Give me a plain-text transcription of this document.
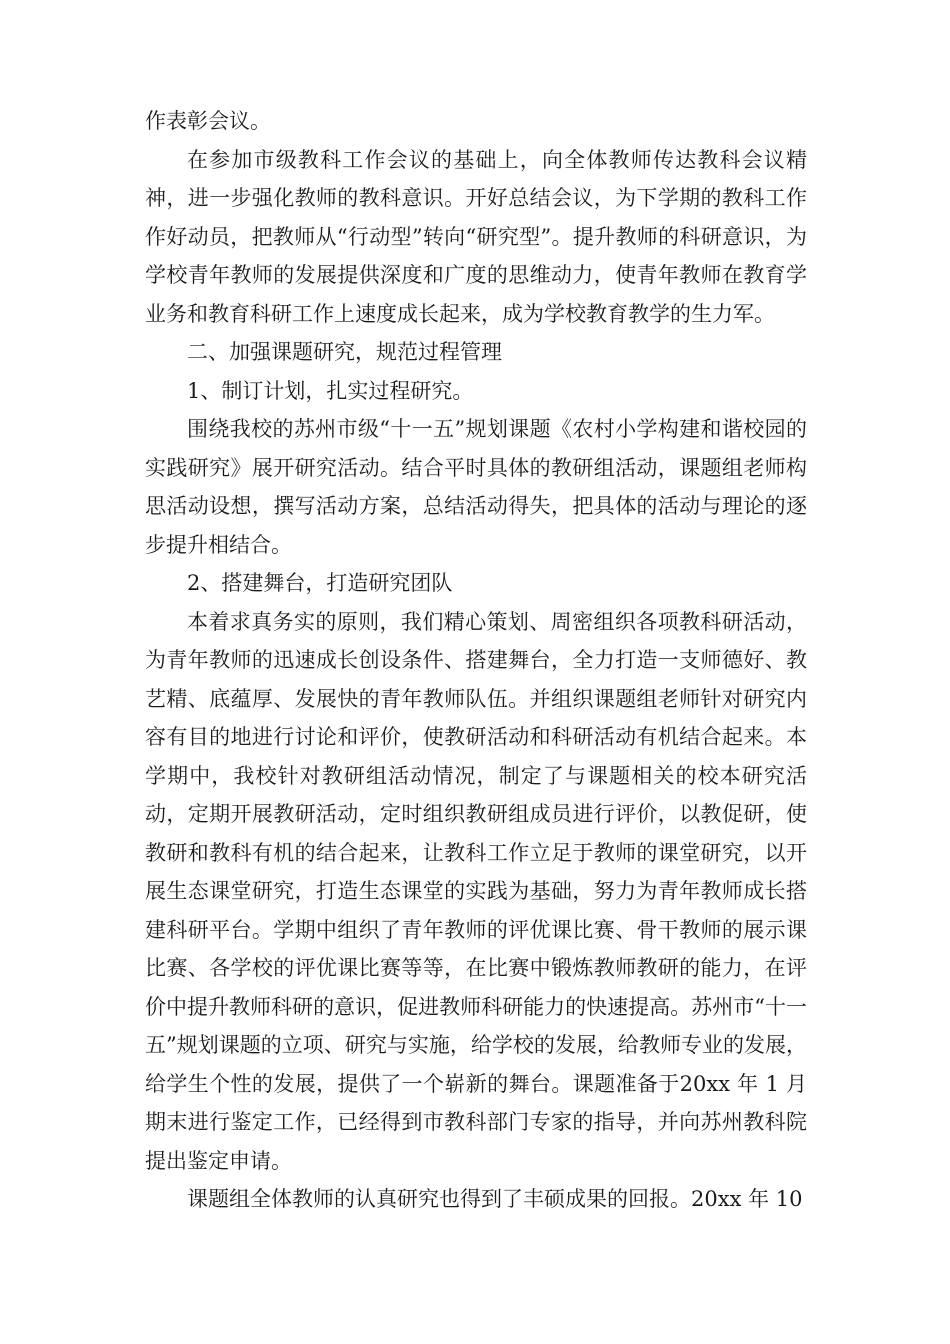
作表彰会议。

在参加市级教科工作会议的基础上，向全体教师传达教科会议精神，进一步强化教师的教科意识。开好总结会议，为下学期的教科工作作好动员，把教师从“行动型”转向“研究型”。提升教师的科研意识，为学校青年教师的发展提供深度和广度的思维动力，使青年教师在教育学业务和教育科研工作上速度成长起来，成为学校教育教学的生力军。

二、加强课题研究，规范过程管理

1、制订计划，扎实过程研究。

围绕我校的苏州市级“十一五”规划课题《农村小学构建和谐校园的实践研究》展开研究活动。结合平时具体的教研组活动，课题组老师构思活动设想，撰写活动方案，总结活动得失，把具体的活动与理论的逐步提升相结合。

2、搭建舞台，打造研究团队

本着求真务实的原则，我们精心策划、周密组织各项教科研活动，为青年教师的迅速成长创设条件、搭建舞台，全力打造一支师德好、教艺精、底蕴厚、发展快的青年教师队伍。并组织课题组老师针对研究内容有目的地进行讨论和评价，使教研活动和科研活动有机结合起来。本学期中，我校针对教研组活动情况，制定了与课题相关的校本研究活动，定期开展教研活动，定时组织教研组成员进行评价，以教促研，使教研和教科有机的结合起来，让教科工作立足于教师的课堂研究，以开展生态课堂研究，打造生态课堂的实践为基础，努力为青年教师成长搭建科研平台。学期中组织了青年教师的评优课比赛、骨干教师的展示课比赛、各学校的评优课比赛等等，在比赛中锻炼教师教研的能力，在评价中提升教师科研的意识，促进教师科研能力的快速提高。苏州市“十一五”规划课题的立项、研究与实施，给学校的发展，给教师专业的发展，给学生个性的发展，提供了一个崭新的舞台。课题准备于20xx 年 1 月期末进行鉴定工作，已经得到市教科部门专家的指导，并向苏州教科院提出鉴定申请。

课题组全体教师的认真研究也得到了丰硕成果的回报。20xx 年 10
